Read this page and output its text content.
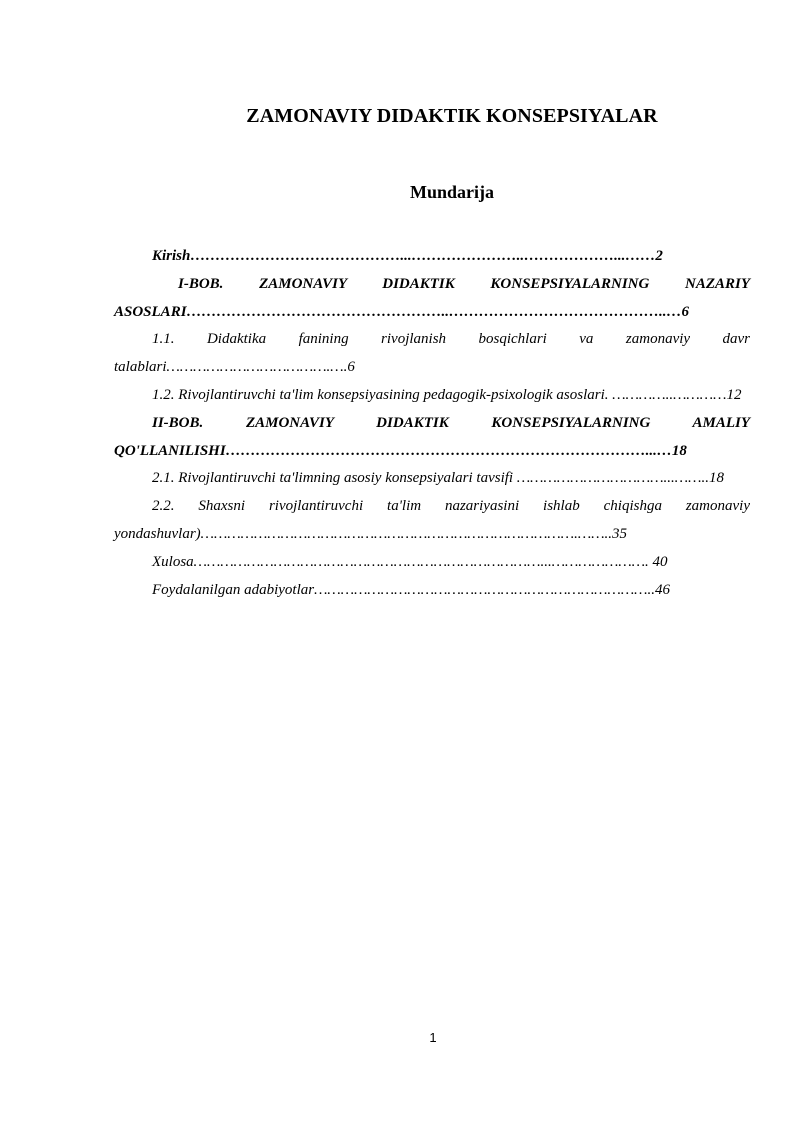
ZAMONAVIY DIDAKTIK KONSEPSIYALAR
Mundarija

Kirish……………………………………...…………………..………………...……2

I-BOB. ZAMONAVIY DIDAKTIK KONSEPSIYALARNING NAZARIY ASOSLARI……………………………………………..……………………………………..…6

1.1. Didaktika fanining rivojlanish bosqichlari va zamonaviy davr talablari……………………………….….6

1.2. Rivojlantiruvchi ta'lim konsepsiyasining pedagogik-psixologik asoslari. …………..…………12

II-BOB. ZAMONAVIY DIDAKTIK KONSEPSIYALARNING AMALIY QO'LLANILISHI…………………………………………………………………………...…18

2.1. Rivojlantiruvchi ta'limning asosiy konsepsiyalari tavsifi ……………………………...……..18

2.2. Shaxsni rivojlantiruvchi ta'lim nazariyasini ishlab chiqishga zamonaviy yondashuvlar)………………………………………………………………………….……..35

Xulosa……………………………………………………………………...…………………. 40

Foydalanilgan adabiyotlar…………………………………………………………………..46

1
